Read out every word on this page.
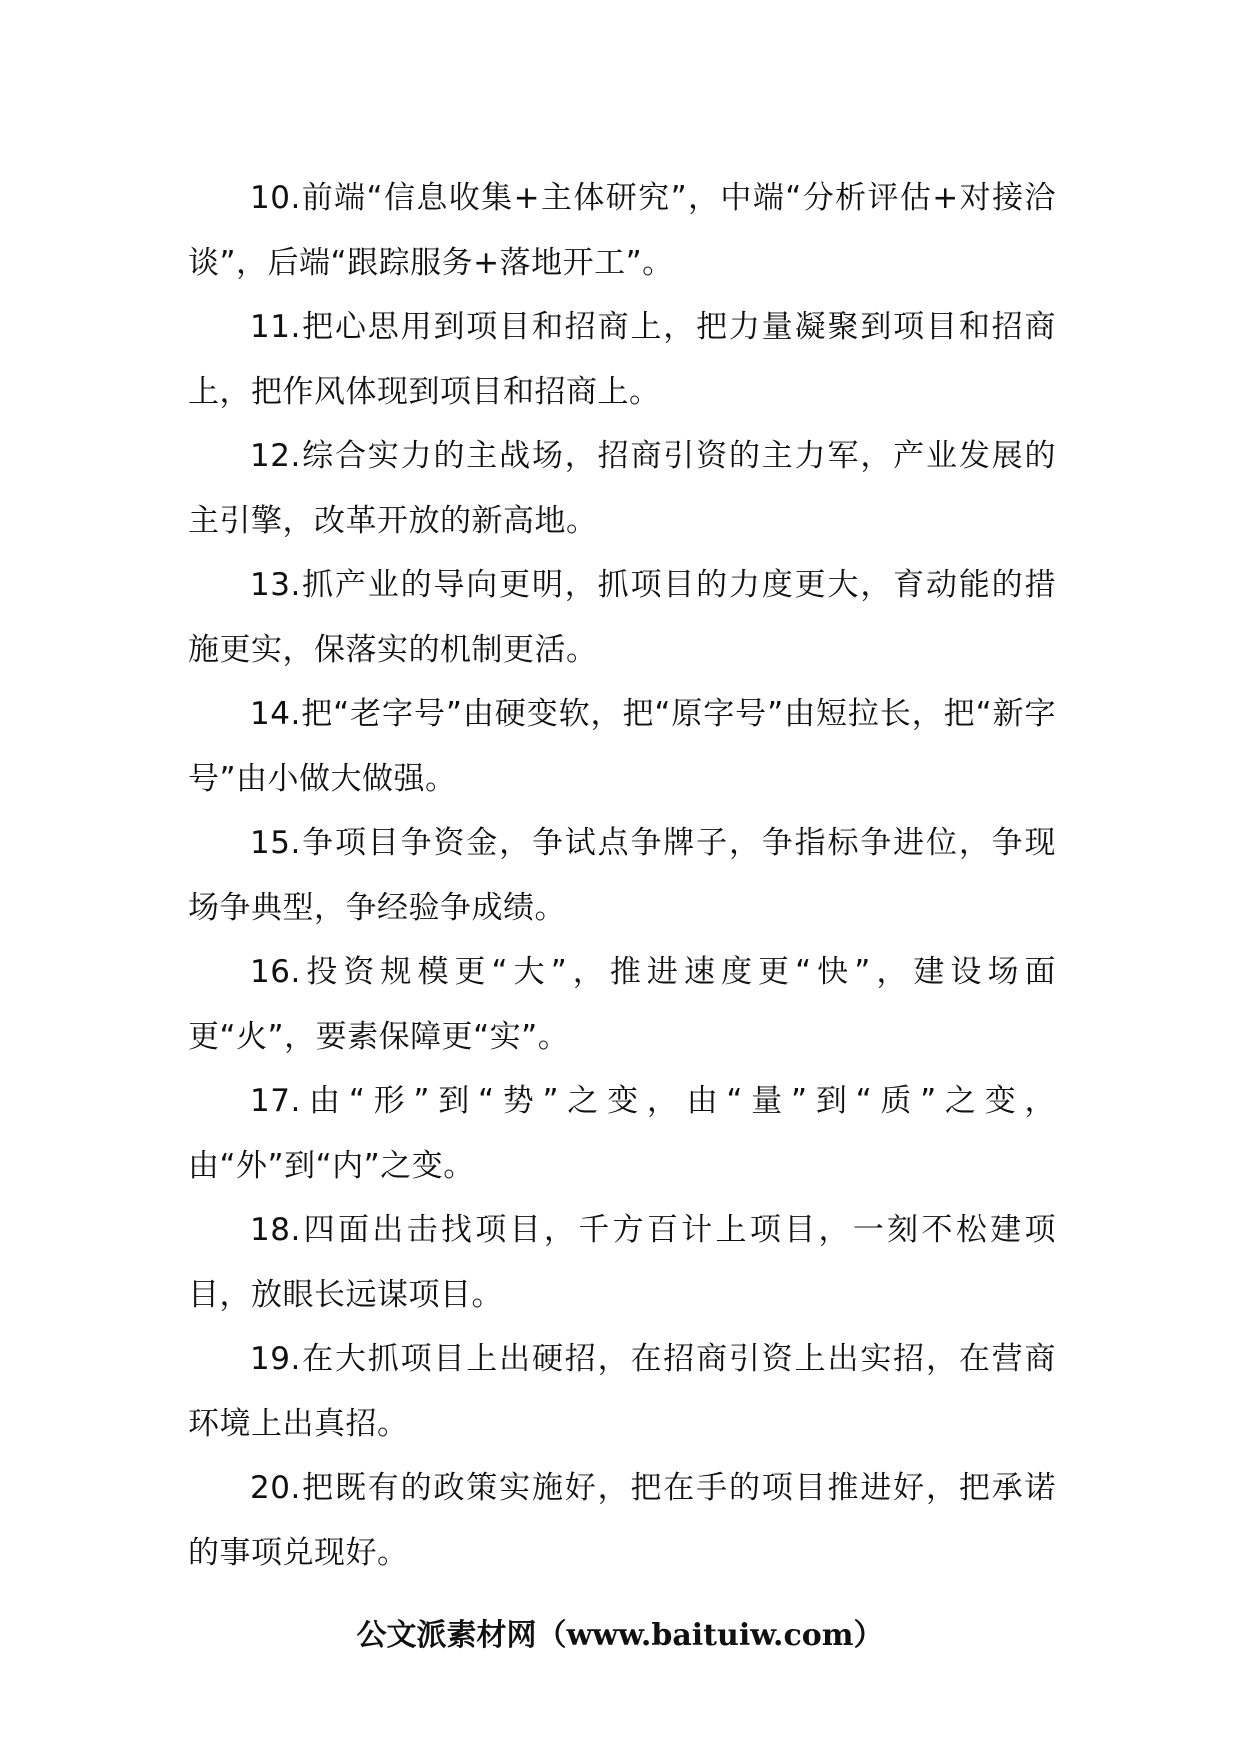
10.前端“信息收集+主体研究”，中端“分析评估+对接洽谈”，后端“跟踪服务+落地开工”。

11.把心思用到项目和招商上，把力量凝聚到项目和招商上，把作风体现到项目和招商上。

12.综合实力的主战场，招商引资的主力军，产业发展的主引擎，改革开放的新高地。

13.抓产业的导向更明，抓项目的力度更大，育动能的措施更实，保落实的机制更活。

14.把“老字号”由硬变软，把“原字号”由短拉长，把“新字号”由小做大做强。

15.争项目争资金，争试点争牌子，争指标争进位，争现场争典型，争经验争成绩。

16.投资规模更“大”，推进速度更“快”，建设场面更“火”，要素保障更“实”。

17.由“形”到“势”之变，由“量”到“质”之变，由“外”到“内”之变。

18.四面出击找项目，千方百计上项目，一刻不松建项目，放眼长远谋项目。

19.在大抓项目上出硬招，在招商引资上出实招，在营商环境上出真招。

20.把既有的政策实施好，把在手的项目推进好，把承诺的事项兑现好。

公文派素材网（www.baituiw.com）
